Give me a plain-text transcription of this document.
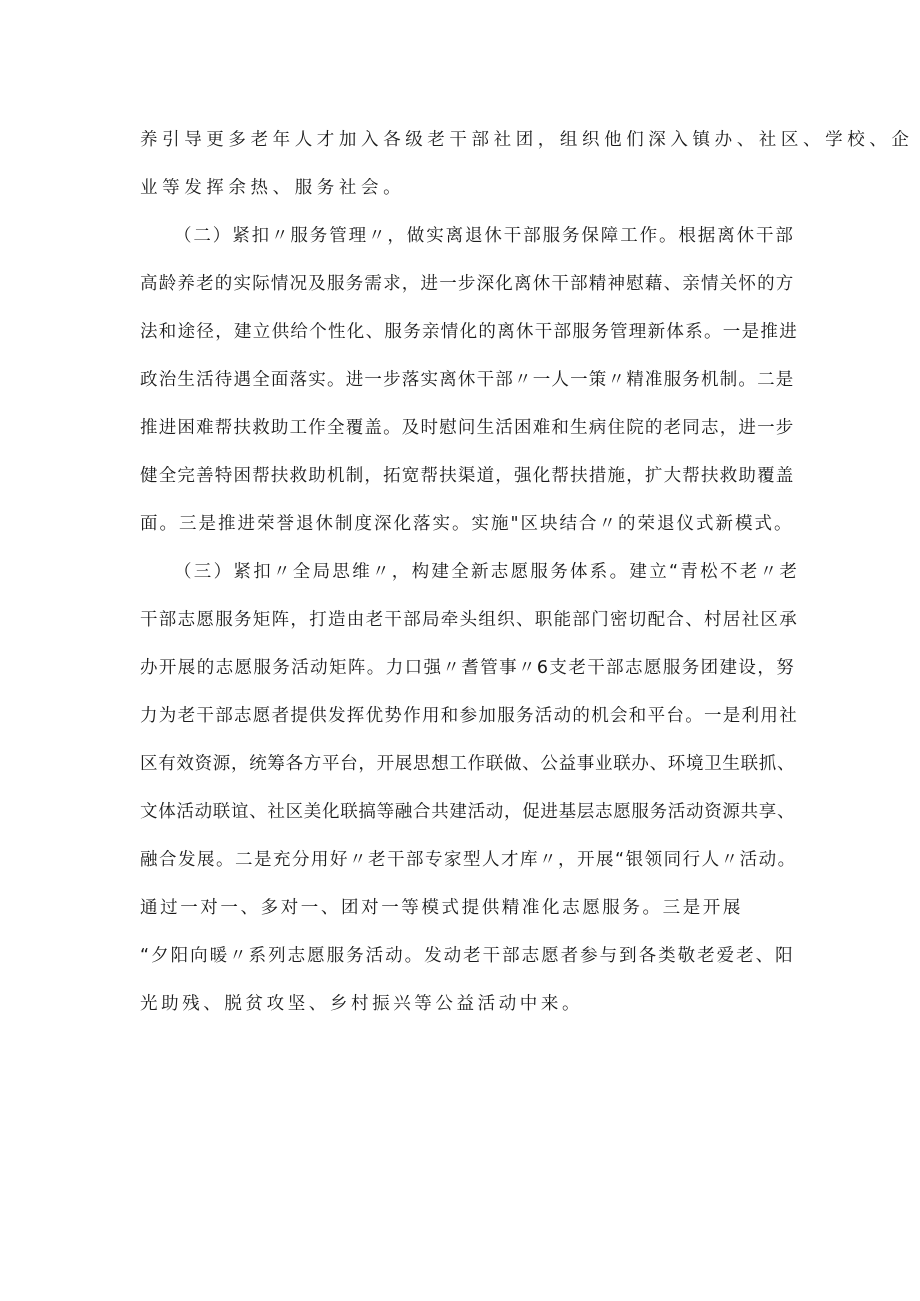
养引导更多老年人才加入各级老干部社团，组织他们深入镇办、社区、学校、企
业等发挥余热、服务社会。
（二）紧扣〃服务管理〃，做实离退休干部服务保障工作。根据离休干部
高龄养老的实际情况及服务需求，进一步深化离休干部精神慰藉、亲情关怀的方
法和途径，建立供给个性化、服务亲情化的离休干部服务管理新体系。一是推进
政治生活待遇全面落实。进一步落实离休干部〃一人一策〃精准服务机制。二是
推进困难帮扶救助工作全覆盖。及时慰问生活困难和生病住院的老同志，进一步
健全完善特困帮扶救助机制，拓宽帮扶渠道，强化帮扶措施，扩大帮扶救助覆盖
面。三是推进荣誉退休制度深化落实。实施"区块结合〃的荣退仪式新模式。
（三）紧扣〃全局思维〃，构建全新志愿服务体系。建立“青松不老〃老
干部志愿服务矩阵，打造由老干部局牵头组织、职能部门密切配合、村居社区承
办开展的志愿服务活动矩阵。力口强〃耆管事〃6支老干部志愿服务团建设，努
力为老干部志愿者提供发挥优势作用和参加服务活动的机会和平台。一是利用社
区有效资源，统筹各方平台，开展思想工作联做、公益事业联办、环境卫生联抓、
文体活动联谊、社区美化联搞等融合共建活动，促进基层志愿服务活动资源共享、
融合发展。二是充分用好〃老干部专家型人才库〃，开展“银领同行人〃活动。
通过一对一、多对一、团对一等模式提供精准化志愿服务。三是开展
“夕阳向暖〃系列志愿服务活动。发动老干部志愿者参与到各类敬老爱老、阳
光助残、脱贫攻坚、乡村振兴等公益活动中来。
